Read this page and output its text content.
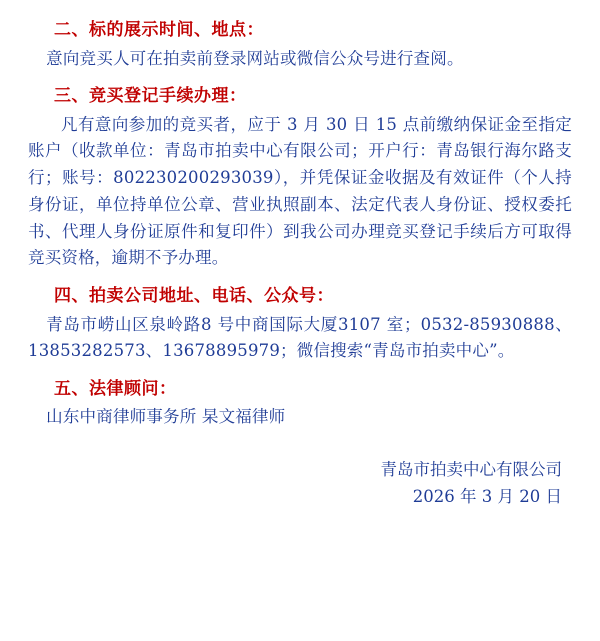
二、标的展示时间、地点：

意向竞买人可在拍卖前登录网站或微信公众号进行查阅。

三、竞买登记手续办理：

凡有意向参加的竞买者，应于 3 月 30 日 15 点前缴纳保证金至指定账户（收款单位：青岛市拍卖中心有限公司；开户行：青岛银行海尔路支行；账号：802230200293039），并凭保证金收据及有效证件（个人持身份证，单位持单位公章、营业执照副本、法定代表人身份证、授权委托书、代理人身份证原件和复印件）到我公司办理竞买登记手续后方可取得竞买资格，逾期不予办理。

四、拍卖公司地址、电话、公众号：

青岛市崂山区泉岭路8 号中商国际大厦3107 室；0532-85930888、13853282573、13678895979；微信搜索“青岛市拍卖中心”。

五、法律顾问：

山东中商律师事务所 杲文福律师

青岛市拍卖中心有限公司
2026 年 3 月 20 日
